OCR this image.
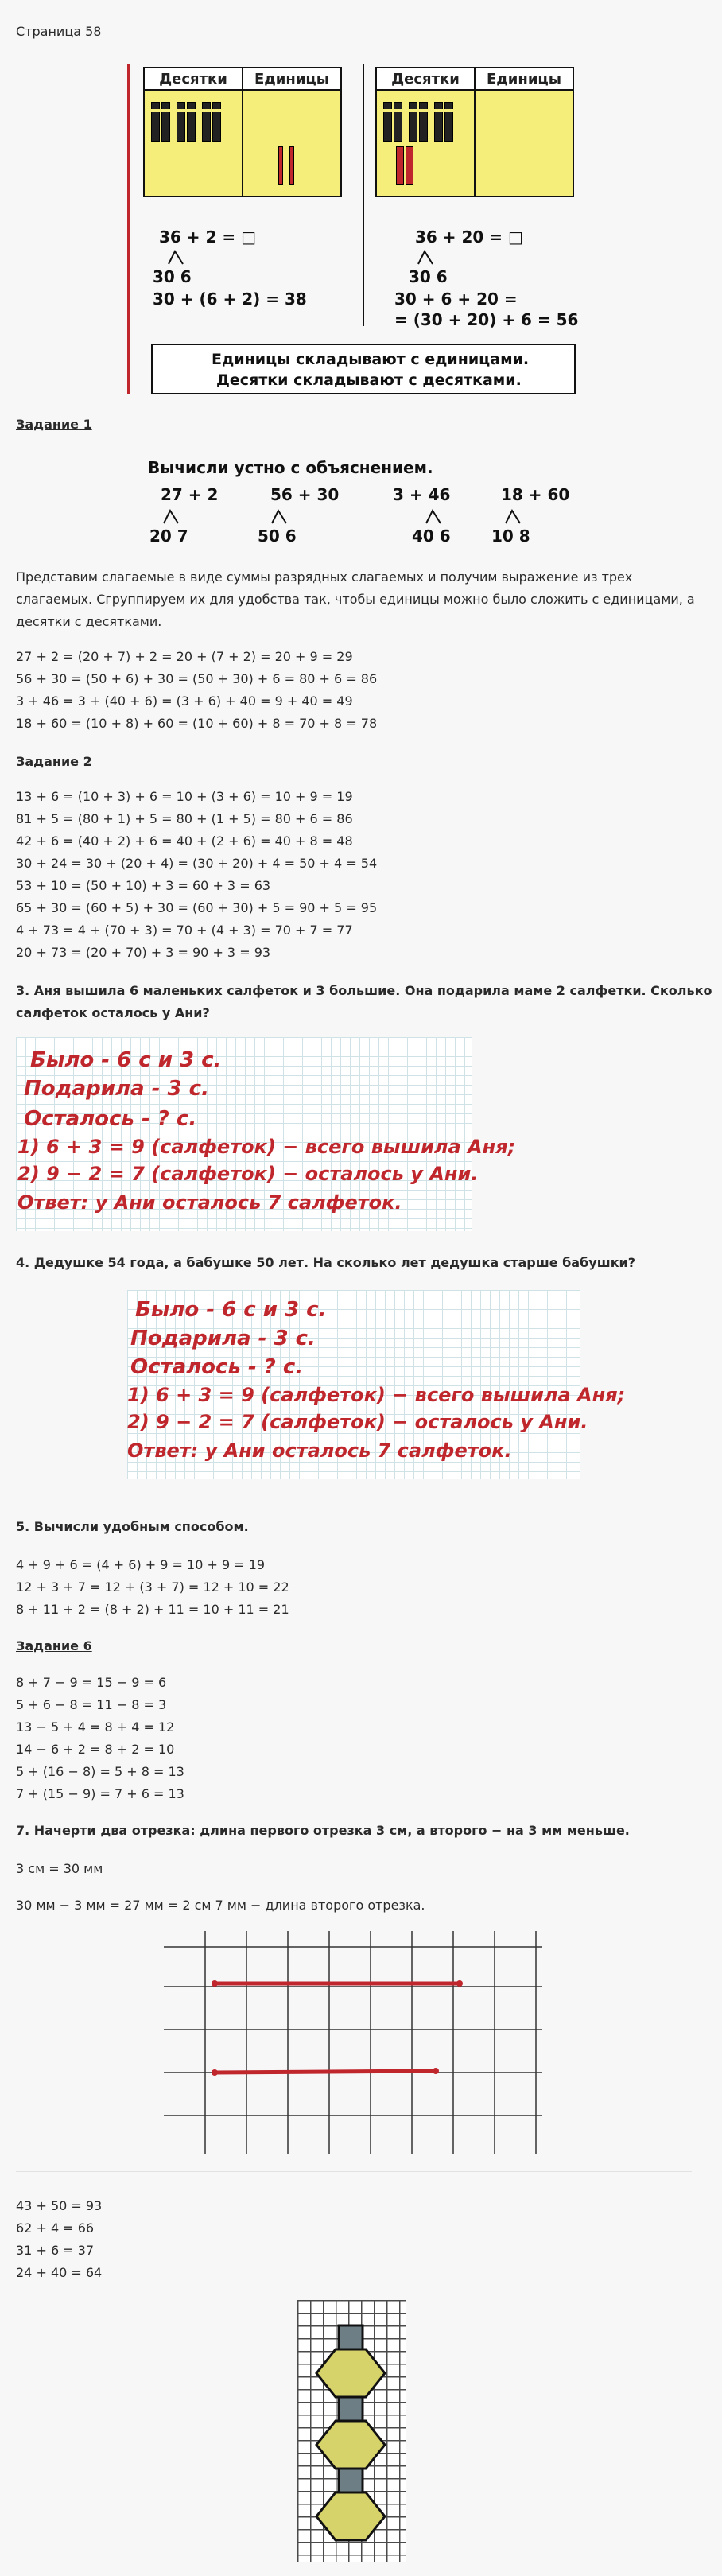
Страница 58
Десятки	Единицы
36 + 2 = □
30 6
30 + (6 + 2) = 38
Десятки	Единицы
36 + 20 = □
30 6
30 + 6 + 20 =
= (30 + 20) + 6 = 56
Единицы складывают с единицами.
Десятки складывают с десятками.
Задание 1
Вычисли устно с объяснением.
27 + 2
20 7
56 + 30
50 6
3 + 46
40 6
18 + 60
10 8
Представим слагаемые в виде суммы разрядных слагаемых и получим выражение из трех
слагаемых. Сгруппируем их для удобства так, чтобы единицы можно было сложить с единицами, а
десятки с десятками.
27 + 2 = (20 + 7) + 2 = 20 + (7 + 2) = 20 + 9 = 29
56 + 30 = (50 + 6) + 30 = (50 + 30) + 6 = 80 + 6 = 86
3 + 46 = 3 + (40 + 6) = (3 + 6) + 40 = 9 + 40 = 49
18 + 60 = (10 + 8) + 60 = (10 + 60) + 8 = 70 + 8 = 78
Задание 2
13 + 6 = (10 + 3) + 6 = 10 + (3 + 6) = 10 + 9 = 19
81 + 5 = (80 + 1) + 5 = 80 + (1 + 5) = 80 + 6 = 86
42 + 6 = (40 + 2) + 6 = 40 + (2 + 6) = 40 + 8 = 48
30 + 24 = 30 + (20 + 4) = (30 + 20) + 4 = 50 + 4 = 54
53 + 10 = (50 + 10) + 3 = 60 + 3 = 63
65 + 30 = (60 + 5) + 30 = (60 + 30) + 5 = 90 + 5 = 95
4 + 73 = 4 + (70 + 3) = 70 + (4 + 3) = 70 + 7 = 77
20 + 73 = (20 + 70) + 3 = 90 + 3 = 93
3. Аня вышила 6 маленьких салфеток и 3 большие. Она подарила маме 2 салфетки. Сколько
салфеток осталось у Ани?
Было - 6 с и 3 с.
Подарила - 3 с.
Осталось - ? с.
1) 6 + 3 = 9 (салфеток) − всего вышила Аня;
2) 9 − 2 = 7 (салфеток) − осталось у Ани.
Ответ: у Ани осталось 7 салфеток.
4. Дедушке 54 года, а бабушке 50 лет. На сколько лет дедушка старше бабушки?
Было - 6 с и 3 с.
Подарила - 3 с.
Осталось - ? с.
1) 6 + 3 = 9 (салфеток) − всего вышила Аня;
2) 9 − 2 = 7 (салфеток) − осталось у Ани.
Ответ: у Ани осталось 7 салфеток.
5. Вычисли удобным способом.
4 + 9 + 6 = (4 + 6) + 9 = 10 + 9 = 19
12 + 3 + 7 = 12 + (3 + 7) = 12 + 10 = 22
8 + 11 + 2 = (8 + 2) + 11 = 10 + 11 = 21
Задание 6
8 + 7 − 9 = 15 − 9 = 6
5 + 6 − 8 = 11 − 8 = 3
13 − 5 + 4 = 8 + 4 = 12
14 − 6 + 2 = 8 + 2 = 10
5 + (16 − 8) = 5 + 8 = 13
7 + (15 − 9) = 7 + 6 = 13
7. Начерти два отрезка: длина первого отрезка 3 см, а второго − на 3 мм меньше.
3 см = 30 мм
30 мм − 3 мм = 27 мм = 2 см 7 мм − длина второго отрезка.
43 + 50 = 93
62 + 4 = 66
31 + 6 = 37
24 + 40 = 64
